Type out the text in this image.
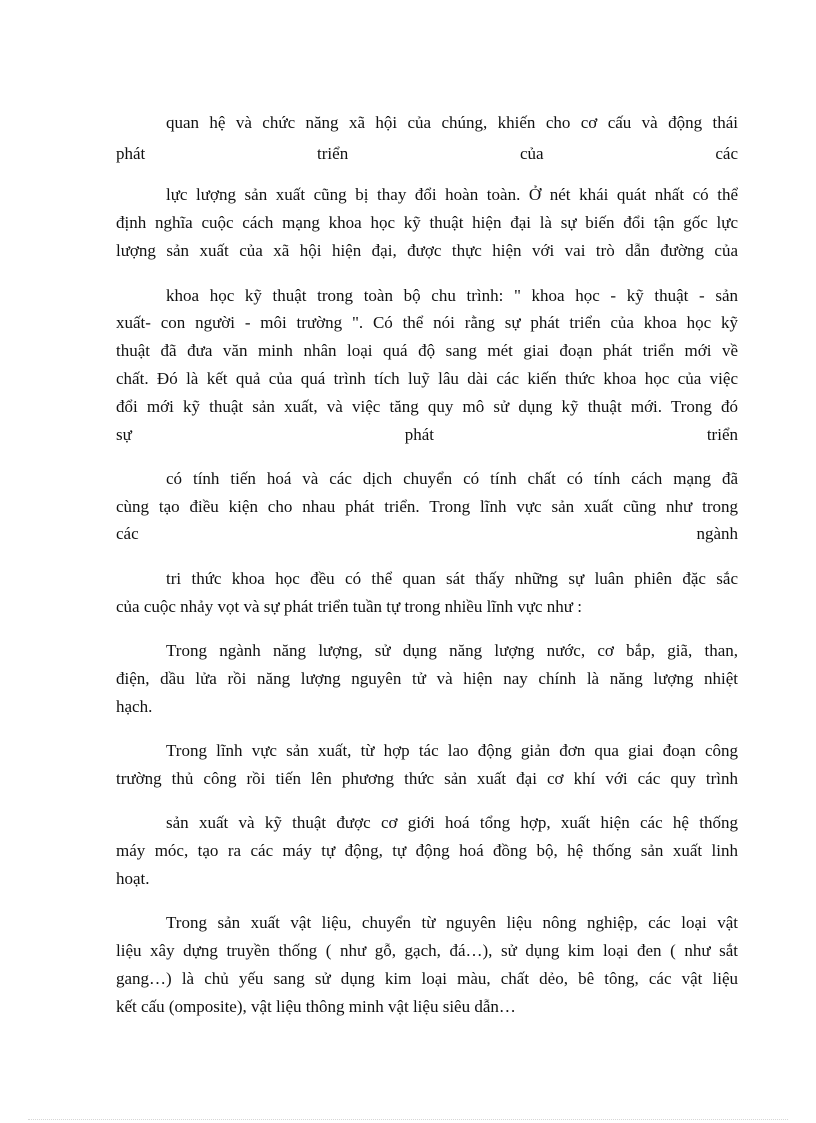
quan hệ và chức năng xã hội của chúng, khiến cho cơ cấu và động thái
phát triển của các
lực lượng sản xuất cũng bị thay đổi hoàn toàn. Ở nét khái quát nhất có thể
định nghĩa cuộc cách mạng khoa học kỹ thuật hiện đại là sự biến đổi tận gốc lực
lượng sản xuất của xã hội hiện đại, được thực hiện với vai trò dẫn đường của
khoa học kỹ thuật trong toàn bộ chu trình: " khoa học - kỹ thuật - sản
xuất- con người - môi trường ". Có thể nói rằng sự phát triển của khoa học kỹ
thuật đã đưa văn minh nhân loại quá độ sang mét giai đoạn phát triển mới về
chất. Đó là kết quả của quá trình tích luỹ lâu dài các kiến thức khoa học của việc
đổi mới kỹ thuật sản xuất, và việc tăng quy mô sử dụng kỹ thuật mới. Trong đó
sự phát triển
có tính tiến hoá và các dịch chuyển có tính chất có tính cách mạng đã
cùng tạo điều kiện cho nhau phát triển. Trong lĩnh vực sản xuất cũng như trong
các ngành
tri thức khoa học đều có thể quan sát thấy những sự luân phiên đặc sắc
của cuộc nhảy vọt và sự phát triển tuần tự trong nhiều lĩnh vực như :
Trong ngành năng lượng, sử dụng năng lượng nước, cơ bắp, giã, than,
điện, dầu lửa rồi năng lượng nguyên tử và hiện nay chính là năng lượng nhiệt
hạch.
Trong lĩnh vực sản xuất, từ hợp tác lao động giản đơn qua giai đoạn công
trường thủ công rồi tiến lên phương thức sản xuất đại cơ khí với các quy trình
sản xuất và kỹ thuật được cơ giới hoá tổng hợp, xuất hiện các hệ thống
máy móc, tạo ra các máy tự động, tự động hoá đồng bộ, hệ thống sản xuất linh
hoạt.
Trong sản xuất vật liệu, chuyển từ nguyên liệu nông nghiệp, các loại vật
liệu xây dựng truyền thống ( như gỗ, gạch, đá…), sử dụng kim loại đen ( như sắt
gang…) là chủ yếu sang sử dụng kim loại màu, chất dẻo, bê tông, các vật liệu
kết cấu (omposite), vật liệu thông minh vật liệu siêu dẫn…
